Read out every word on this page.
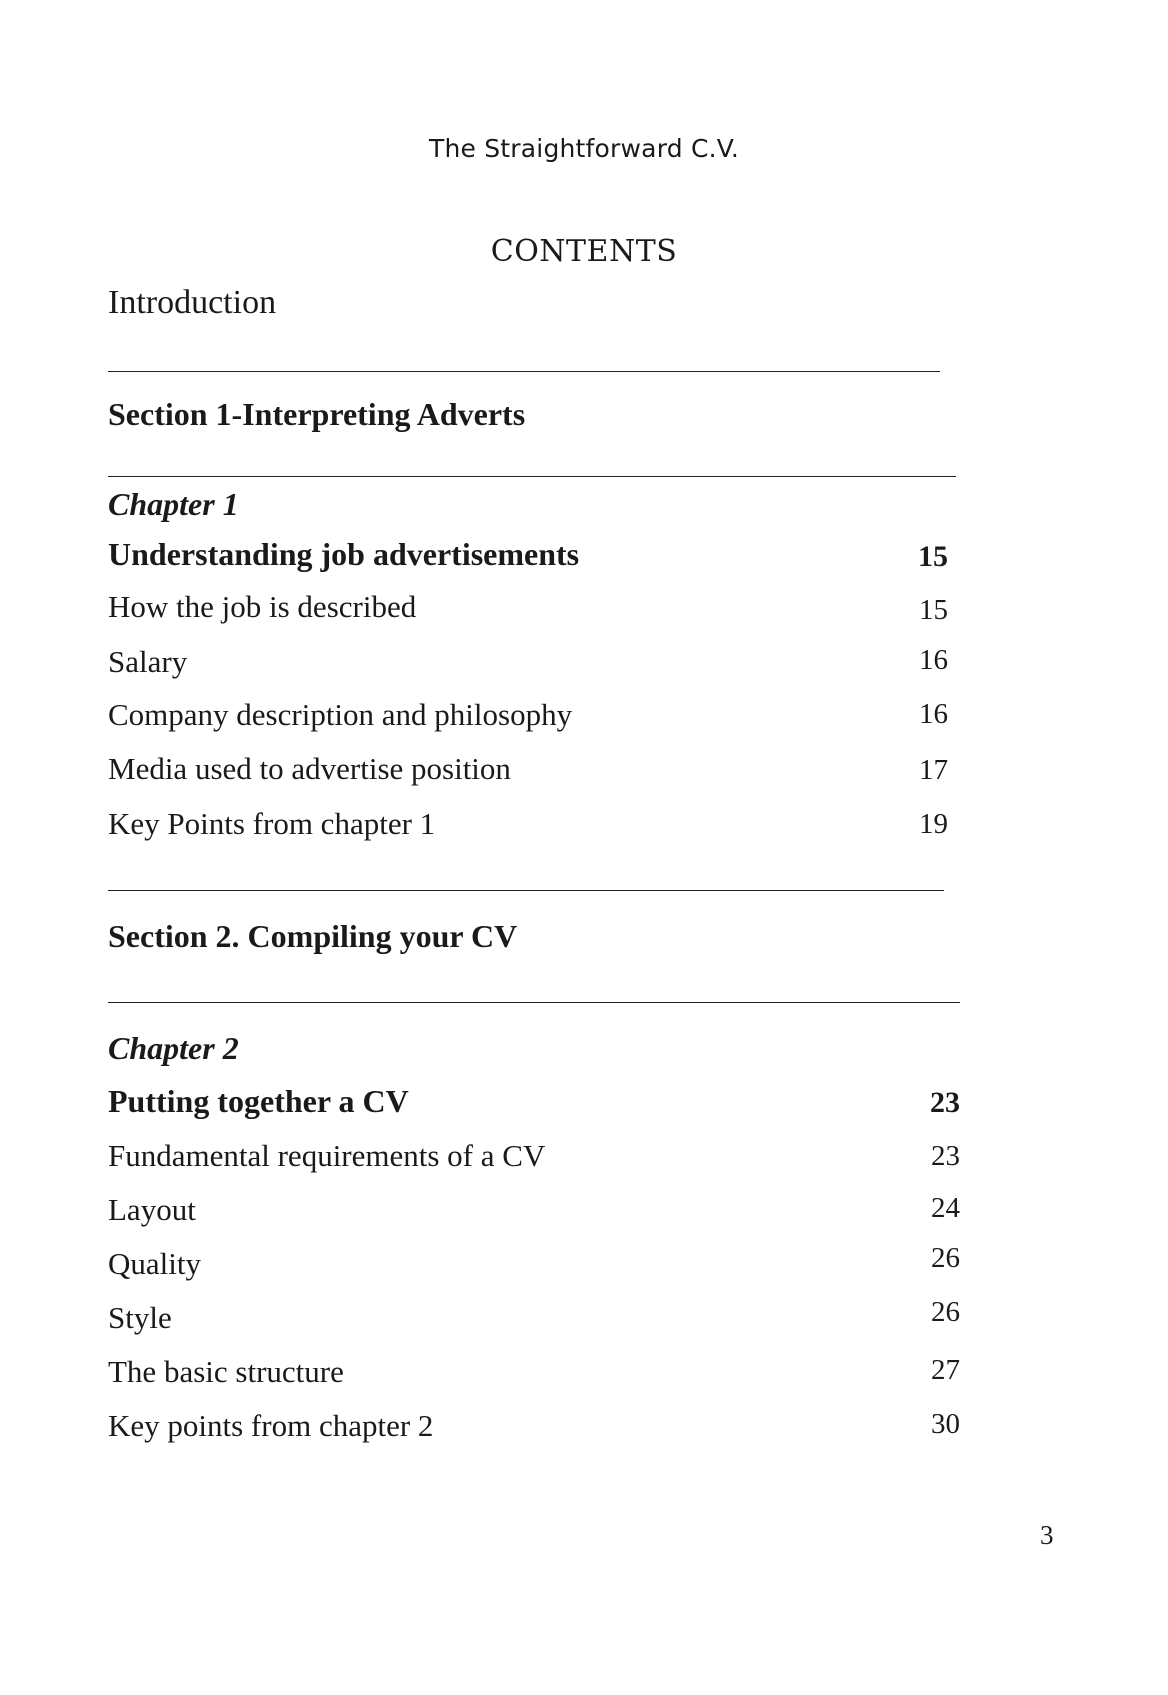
The Straightforward C.V.
CONTENTS
Introduction
Section 1-Interpreting Adverts
Chapter 1
Understanding job advertisements	15
How the job is described	15
Salary	16
Company description and philosophy	16
Media used to advertise position	17
Key Points from chapter 1	19
Section 2. Compiling your CV
Chapter 2
Putting together a CV	23
Fundamental requirements of a CV	23
Layout	24
Quality	26
Style	26
The basic structure	27
Key points from chapter 2	30
3
